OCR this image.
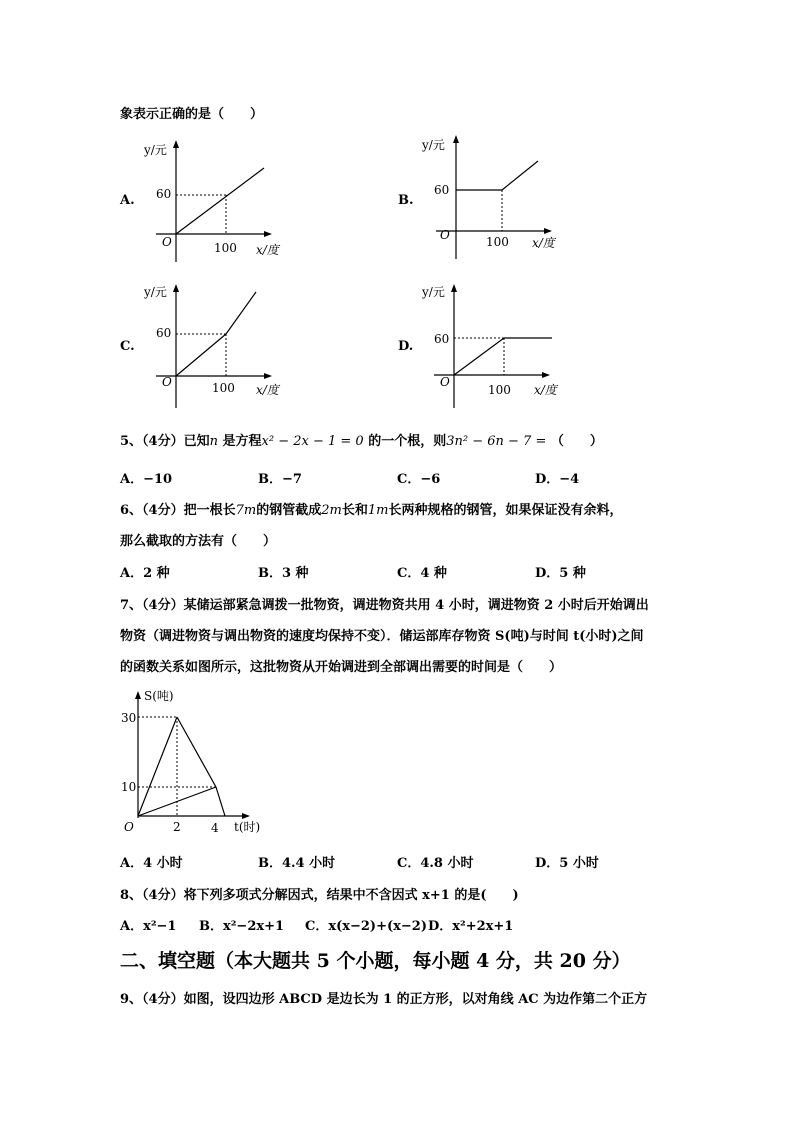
象表示正确的是（　　）
A.
y/元
60
O	100 x/度
B.
y/元
60
O	100 x/度
C.
y/元
60
O	100 x/度
D.
y/元
60
O
100 x/度
5、（4分）已知n 是方程x² − 2x − 1 = 0 的一个根，则3n² − 6n − 7 = （　　）
A．−10	B．−7	C．−6	D．−4
6、（4分）把一根长7m的钢管截成2m长和1m长两种规格的钢管，如果保证没有余料，
那么截取的方法有（　　）
A．2 种	B．3 种	C．4 种	D．5 种
7、（4分）某储运部紧急调拨一批物资，调进物资共用 4 小时，调进物资 2 小时后开始调出
物资（调进物资与调出物资的速度均保持不变）．储运部库存物资 S(吨)与时间 t(小时)之间
的函数关系如图所示，这批物资从开始调进到全部调出需要的时间是（　　）
S(吨)
30
10
O	2	4 t(时)
A．4 小时	B．4.4 小时	C．4.8 小时	D．5 小时
8、（4分）将下列多项式分解因式，结果中不含因式 x+1 的是(　　)
A．x²−1 B．x²−2x+1 C．x(x−2)+(x−2) D．x²+2x+1
二、填空题（本大题共 5 个小题，每小题 4 分，共 20 分）
9、（4分）如图，设四边形 ABCD 是边长为 1 的正方形，以对角线 AC 为边作第二个正方
